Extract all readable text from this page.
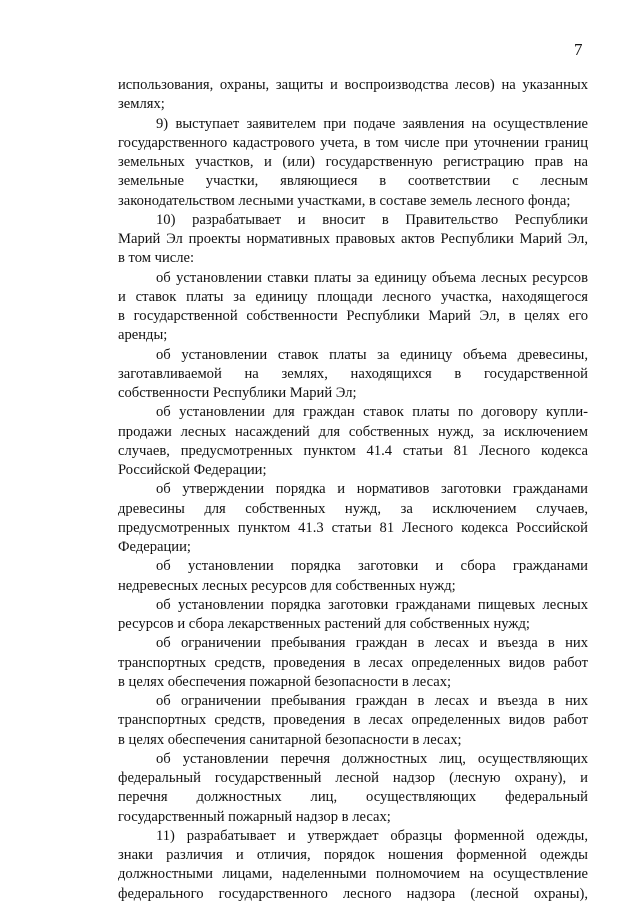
7
использования, охраны, защиты и воспроизводства лесов) на указанных
землях;
9) выступает заявителем при подаче заявления на осуществление
государственного кадастрового учета, в том числе при уточнении границ
земельных участков, и (или) государственную регистрацию прав на
земельные участки, являющиеся в соответствии с лесным
законодательством лесными участками, в составе земель лесного фонда;
10) разрабатывает и вносит в Правительство Республики
Марий Эл проекты нормативных правовых актов Республики Марий Эл,
в том числе:
об установлении ставки платы за единицу объема лесных ресурсов
и ставок платы за единицу площади лесного участка, находящегося
в государственной собственности Республики Марий Эл, в целях его
аренды;
об установлении ставок платы за единицу объема древесины,
заготавливаемой на землях, находящихся в государственной
собственности Республики Марий Эл;
об установлении для граждан ставок платы по договору купли-
продажи лесных насаждений для собственных нужд, за исключением
случаев, предусмотренных пунктом 41.4 статьи 81 Лесного кодекса
Российской Федерации;
об утверждении порядка и нормативов заготовки гражданами
древесины для собственных нужд, за исключением случаев,
предусмотренных пунктом 41.3 статьи 81 Лесного кодекса Российской
Федерации;
об установлении порядка заготовки и сбора гражданами
недревесных лесных ресурсов для собственных нужд;
об установлении порядка заготовки гражданами пищевых лесных
ресурсов и сбора лекарственных растений для собственных нужд;
об ограничении пребывания граждан в лесах и въезда в них
транспортных средств, проведения в лесах определенных видов работ
в целях обеспечения пожарной безопасности в лесах;
об ограничении пребывания граждан в лесах и въезда в них
транспортных средств, проведения в лесах определенных видов работ
в целях обеспечения санитарной безопасности в лесах;
об установлении перечня должностных лиц, осуществляющих
федеральный государственный лесной надзор (лесную охрану), и
перечня должностных лиц, осуществляющих федеральный
государственный пожарный надзор в лесах;
11) разрабатывает и утверждает образцы форменной одежды,
знаки различия и отличия, порядок ношения форменной одежды
должностными лицами, наделенными полномочием на осуществление
федерального государственного лесного надзора (лесной охраны),
